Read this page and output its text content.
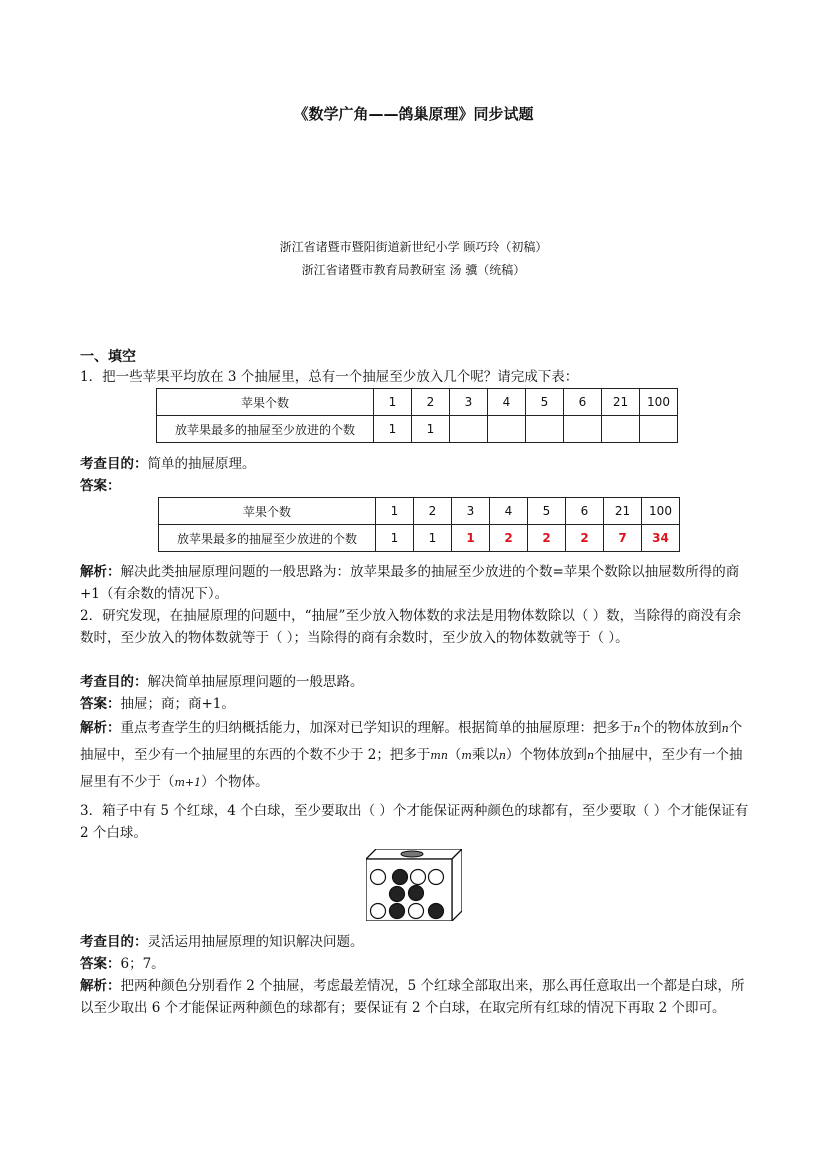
《数学广角——鸽巢原理》同步试题
浙江省诸暨市暨阳街道新世纪小学 顾巧玲（初稿）
浙江省诸暨市教育局教研室 汤 骥（统稿）
一、填空
1．把一些苹果平均放在 3 个抽屉里，总有一个抽屉至少放入几个呢？请完成下表：
苹果个数	1	2	3	4	5	6	21	100
放苹果最多的抽屉至少放进的个数	1	1						
考查目的：简单的抽屉原理。
答案：
苹果个数	1	2	3	4	5	6	21	100
放苹果最多的抽屉至少放进的个数	1	1	1	2	2	2	7	34
解析：解决此类抽屉原理问题的一般思路为：放苹果最多的抽屉至少放进的个数=苹果个数除以抽屉数所得的商+1（有余数的情况下）。
2．研究发现，在抽屉原理的问题中，“抽屉”至少放入物体数的求法是用物体数除以（ ）数，当除得的商没有余数时，至少放入的物体数就等于（ ）；当除得的商有余数时，至少放入的物体数就等于（ ）。
考查目的：解决简单抽屉原理问题的一般思路。
答案：抽屉；商；商+1。
解析：重点考查学生的归纳概括能力，加深对已学知识的理解。根据简单的抽屉原理：把多于n个的物体放到n个抽屉中，至少有一个抽屉里的东西的个数不少于 2；把多于mn（m乘以n）个物体放到n个抽屉中，至少有一个抽屉里有不少于（m+1）个物体。
3．箱子中有 5 个红球，4 个白球，至少要取出（ ）个才能保证两种颜色的球都有，至少要取（ ）个才能保证有 2 个白球。
考查目的：灵活运用抽屉原理的知识解决问题。
答案：6；7。
解析：把两种颜色分别看作 2 个抽屉，考虑最差情况，5 个红球全部取出来，那么再任意取出一个都是白球，所以至少取出 6 个才能保证两种颜色的球都有；要保证有 2 个白球，在取完所有红球的情况下再取 2 个即可。
